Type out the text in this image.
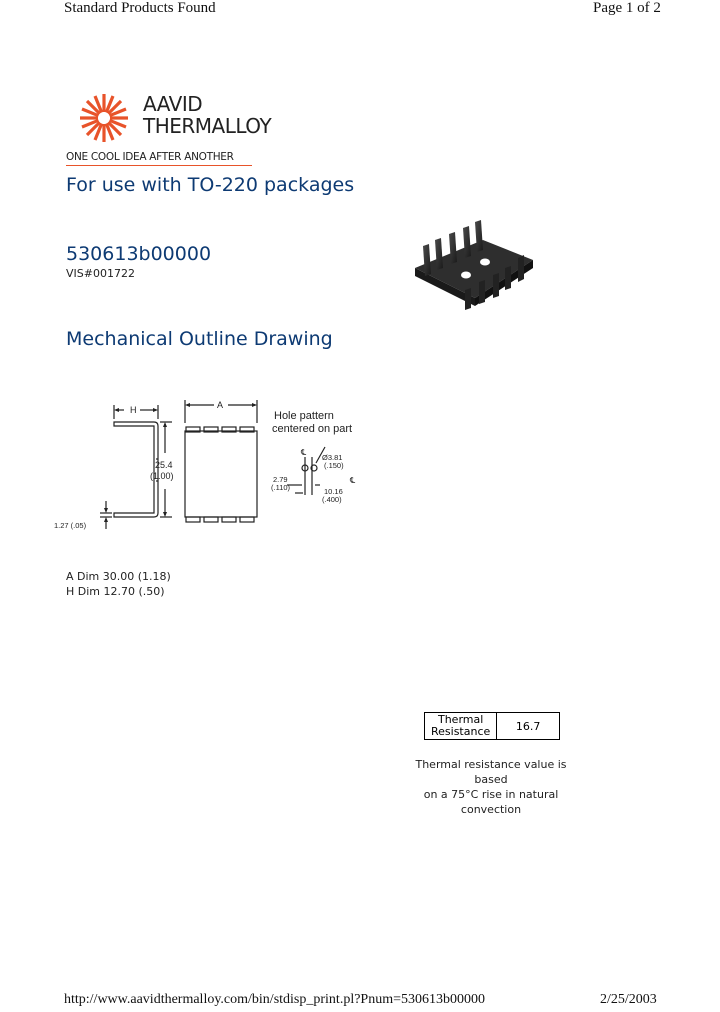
Standard Products Found	Page 1 of 2
AAVID
THERMALLOY
ONE COOL IDEA AFTER ANOTHER
For use with TO-220 packages
530613b00000
VIS#001722
Mechanical Outline Drawing
H	A
25.4
(1.00)
1.27 (.05)
Hole pattern
centered on part
℄
Ø3.81
(.150)
2.79
(.110)
℄
10.16
(.400)
A Dim 30.00 (1.18)
H Dim 12.70 (.50)
Thermal
Resistance	16.7
Thermal resistance value is based
on a 75°C rise in natural
convection
http://www.aavidthermalloy.com/bin/stdisp_print.pl?Pnum=530613b00000	2/25/2003
